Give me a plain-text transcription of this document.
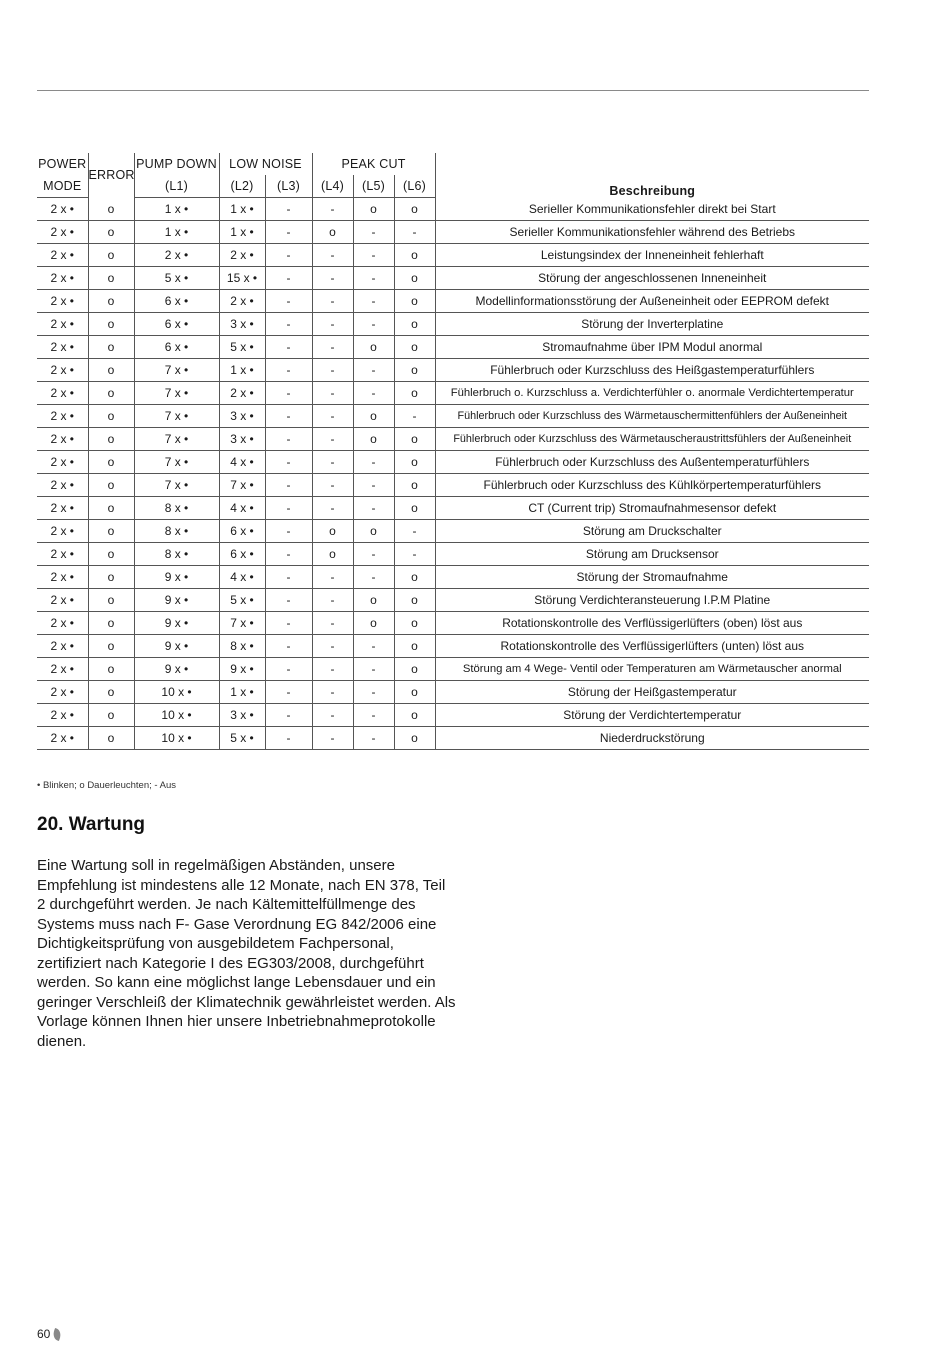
POWER	ERROR	PUMP DOWN	LOW NOISE		PEAK CUT			Beschreibung
MODE		(L1)	(L2)	(L3)	(L4)	(L5)	(L6)	
2 x •	ο	1 x •	1 x •	-	-	ο	ο	Serieller Kommunikationsfehler direkt bei Start
2 x •	ο	1 x •	1 x •	-	ο	-	-	Serieller Kommunikationsfehler während des Betriebs
2 x •	ο	2 x •	2 x •	-	-	-	ο	Leistungsindex der Inneneinheit fehlerhaft
2 x •	ο	5 x •	15 x •	-	-	-	ο	Störung der angeschlossenen Inneneinheit
2 x •	ο	6 x •	2 x •	-	-	-	ο	Modellinformationsstörung der Außeneinheit oder EEPROM defekt
2 x •	ο	6 x •	3 x •	-	-	-	ο	Störung der Inverterplatine
2 x •	ο	6 x •	5 x •	-	-	ο	ο	Stromaufnahme über IPM Modul anormal
2 x •	ο	7 x •	1 x •	-	-	-	ο	Fühlerbruch oder Kurzschluss des Heißgastemperaturfühlers
2 x •	ο	7 x •	2 x •	-	-	-	ο	Fühlerbruch o. Kurzschluss a. Verdichterfühler o. anormale Verdichtertemperatur
2 x •	ο	7 x •	3 x •	-	-	ο	-	Fühlerbruch oder Kurzschluss des Wärmetauschermittenfühlers der Außeneinheit
2 x •	ο	7 x •	3 x •	-	-	ο	ο	Fühlerbruch oder Kurzschluss des Wärmetauscheraustrittsfühlers der Außeneinheit
2 x •	ο	7 x •	4 x •	-	-	-	ο	Fühlerbruch oder Kurzschluss des Außentemperaturfühlers
2 x •	ο	7 x •	7 x •	-	-	-	ο	Fühlerbruch oder Kurzschluss des Kühlkörpertemperaturfühlers
2 x •	ο	8 x •	4 x •	-	-	-	ο	CT (Current trip) Stromaufnahmesensor defekt
2 x •	ο	8 x •	6 x •	-	ο	ο	-	Störung am Druckschalter
2 x •	ο	8 x •	6 x •	-	ο	-	-	Störung am Drucksensor
2 x •	ο	9 x •	4 x •	-	-	-	ο	Störung der Stromaufnahme
2 x •	ο	9 x •	5 x •	-	-	ο	ο	Störung Verdichteransteuerung I.P.M Platine
2 x •	ο	9 x •	7 x •	-	-	ο	ο	Rotationskontrolle des Verflüssigerlüfters (oben) löst aus
2 x •	ο	9 x •	8 x •	-	-	-	ο	Rotationskontrolle des Verflüssigerlüfters (unten) löst aus
2 x •	ο	9 x •	9 x •	-	-	-	ο	Störung am 4 Wege- Ventil oder Temperaturen am Wärmetauscher anormal
2 x •	ο	10 x •	1 x •	-	-	-	ο	Störung der Heißgastemperatur
2 x •	ο	10 x •	3 x •	-	-	-	ο	Störung der Verdichtertemperatur
2 x •	ο	10 x •	5 x •	-	-	-	ο	Niederdruckstörung
• Blinken; ο Dauerleuchten; - Aus
20. Wartung

Eine Wartung soll in regelmäßigen Abständen, unsere Empfehlung ist mindestens alle 12 Monate, nach EN 378, Teil 2 durchgeführt werden. Je nach Kältemittelfüllmenge des Systems muss nach F- Gase Verordnung EG 842/2006 eine Dichtigkeitsprüfung von ausgebildetem Fachpersonal, zertifiziert nach Kategorie I des EG303/2008, durchgeführt werden. So kann eine möglichst lange Lebensdauer und ein geringer Verschleiß der Klimatechnik gewährleistet werden. Als Vorlage können Ihnen hier unsere Inbetriebnahmeprotokolle dienen.

60
